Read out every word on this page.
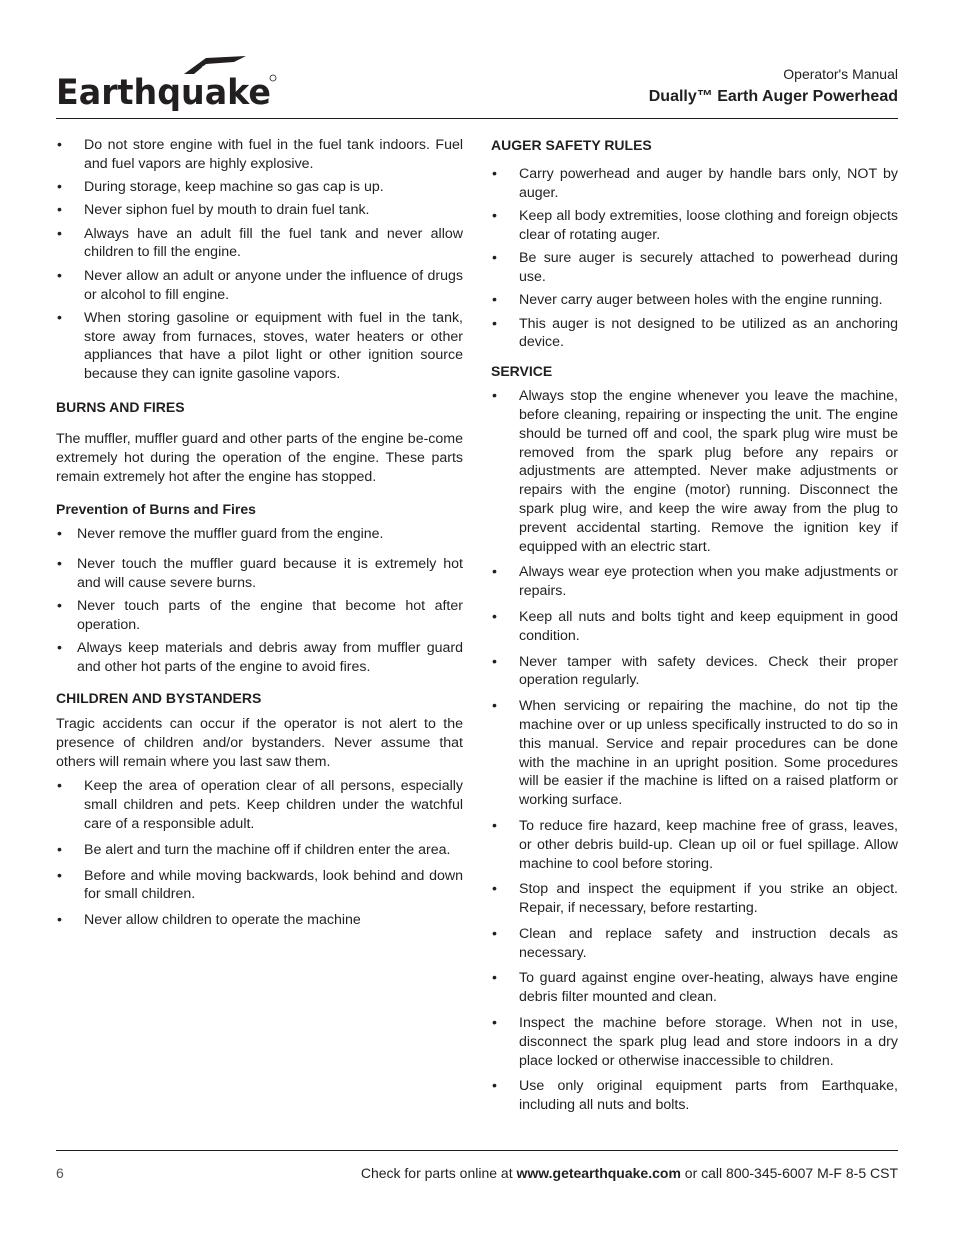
Earthquake	Operator's Manual
Dually™ Earth Auger Powerhead
• Do not store engine with fuel in the fuel tank indoors. Fuel and fuel vapors are highly explosive.
• During storage, keep machine so gas cap is up.
• Never siphon fuel by mouth to drain fuel tank.
• Always have an adult fill the fuel tank and never allow children to fill the engine.
• Never allow an adult or anyone under the influence of drugs or alcohol to fill engine.
• When storing gasoline or equipment with fuel in the tank, store away from furnaces, stoves, water heaters or other appliances that have a pilot light or other ignition source because they can ignite gasoline vapors.
BURNS AND FIRES

The muffler, muffler guard and other parts of the engine be-come extremely hot during the operation of the engine. These parts remain extremely hot after the engine has stopped.

Prevention of Burns and Fires
• Never remove the muffler guard from the engine.
• Never touch the muffler guard because it is extremely hot and will cause severe burns.
• Never touch parts of the engine that become hot after operation.
• Always keep materials and debris away from muffler guard and other hot parts of the engine to avoid fires.
CHILDREN AND BYSTANDERS

Tragic accidents can occur if the operator is not alert to the presence of children and/or bystanders. Never assume that others will remain where you last saw them.

• Keep the area of operation clear of all persons, especially small children and pets. Keep children under the watchful care of a responsible adult.
• Be alert and turn the machine off if children enter the area.
• Before and while moving backwards, look behind and down for small children.
• Never allow children to operate the machine
AUGER SAFETY RULES
• Carry powerhead and auger by handle bars only, NOT by auger.
• Keep all body extremities, loose clothing and foreign objects clear of rotating auger.
• Be sure auger is securely attached to powerhead during use.
• Never carry auger between holes with the engine running.
• This auger is not designed to be utilized as an anchoring device.
SERVICE
• Always stop the engine whenever you leave the machine, before cleaning, repairing or inspecting the unit. The engine should be turned off and cool, the spark plug wire must be removed from the spark plug before any repairs or adjustments are attempted. Never make adjustments or repairs with the engine (motor) running. Disconnect the spark plug wire, and keep the wire away from the plug to prevent accidental starting. Remove the ignition key if equipped with an electric start.
• Always wear eye protection when you make adjustments or repairs.
• Keep all nuts and bolts tight and keep equipment in good condition.
• Never tamper with safety devices. Check their proper operation regularly.
• When servicing or repairing the machine, do not tip the machine over or up unless specifically instructed to do so in this manual. Service and repair procedures can be done with the machine in an upright position. Some procedures will be easier if the machine is lifted on a raised platform or working surface.
• To reduce fire hazard, keep machine free of grass, leaves, or other debris build-up. Clean up oil or fuel spillage. Allow machine to cool before storing.
• Stop and inspect the equipment if you strike an object. Repair, if necessary, before restarting.
• Clean and replace safety and instruction decals as necessary.
• To guard against engine over-heating, always have engine debris filter mounted and clean.
• Inspect the machine before storage. When not in use, disconnect the spark plug lead and store indoors in a dry place locked or otherwise inaccessible to children.
• Use only original equipment parts from Earthquake, including all nuts and bolts.
6	Check for parts online at www.getearthquake.com or call 800-345-6007 M-F 8-5 CST
